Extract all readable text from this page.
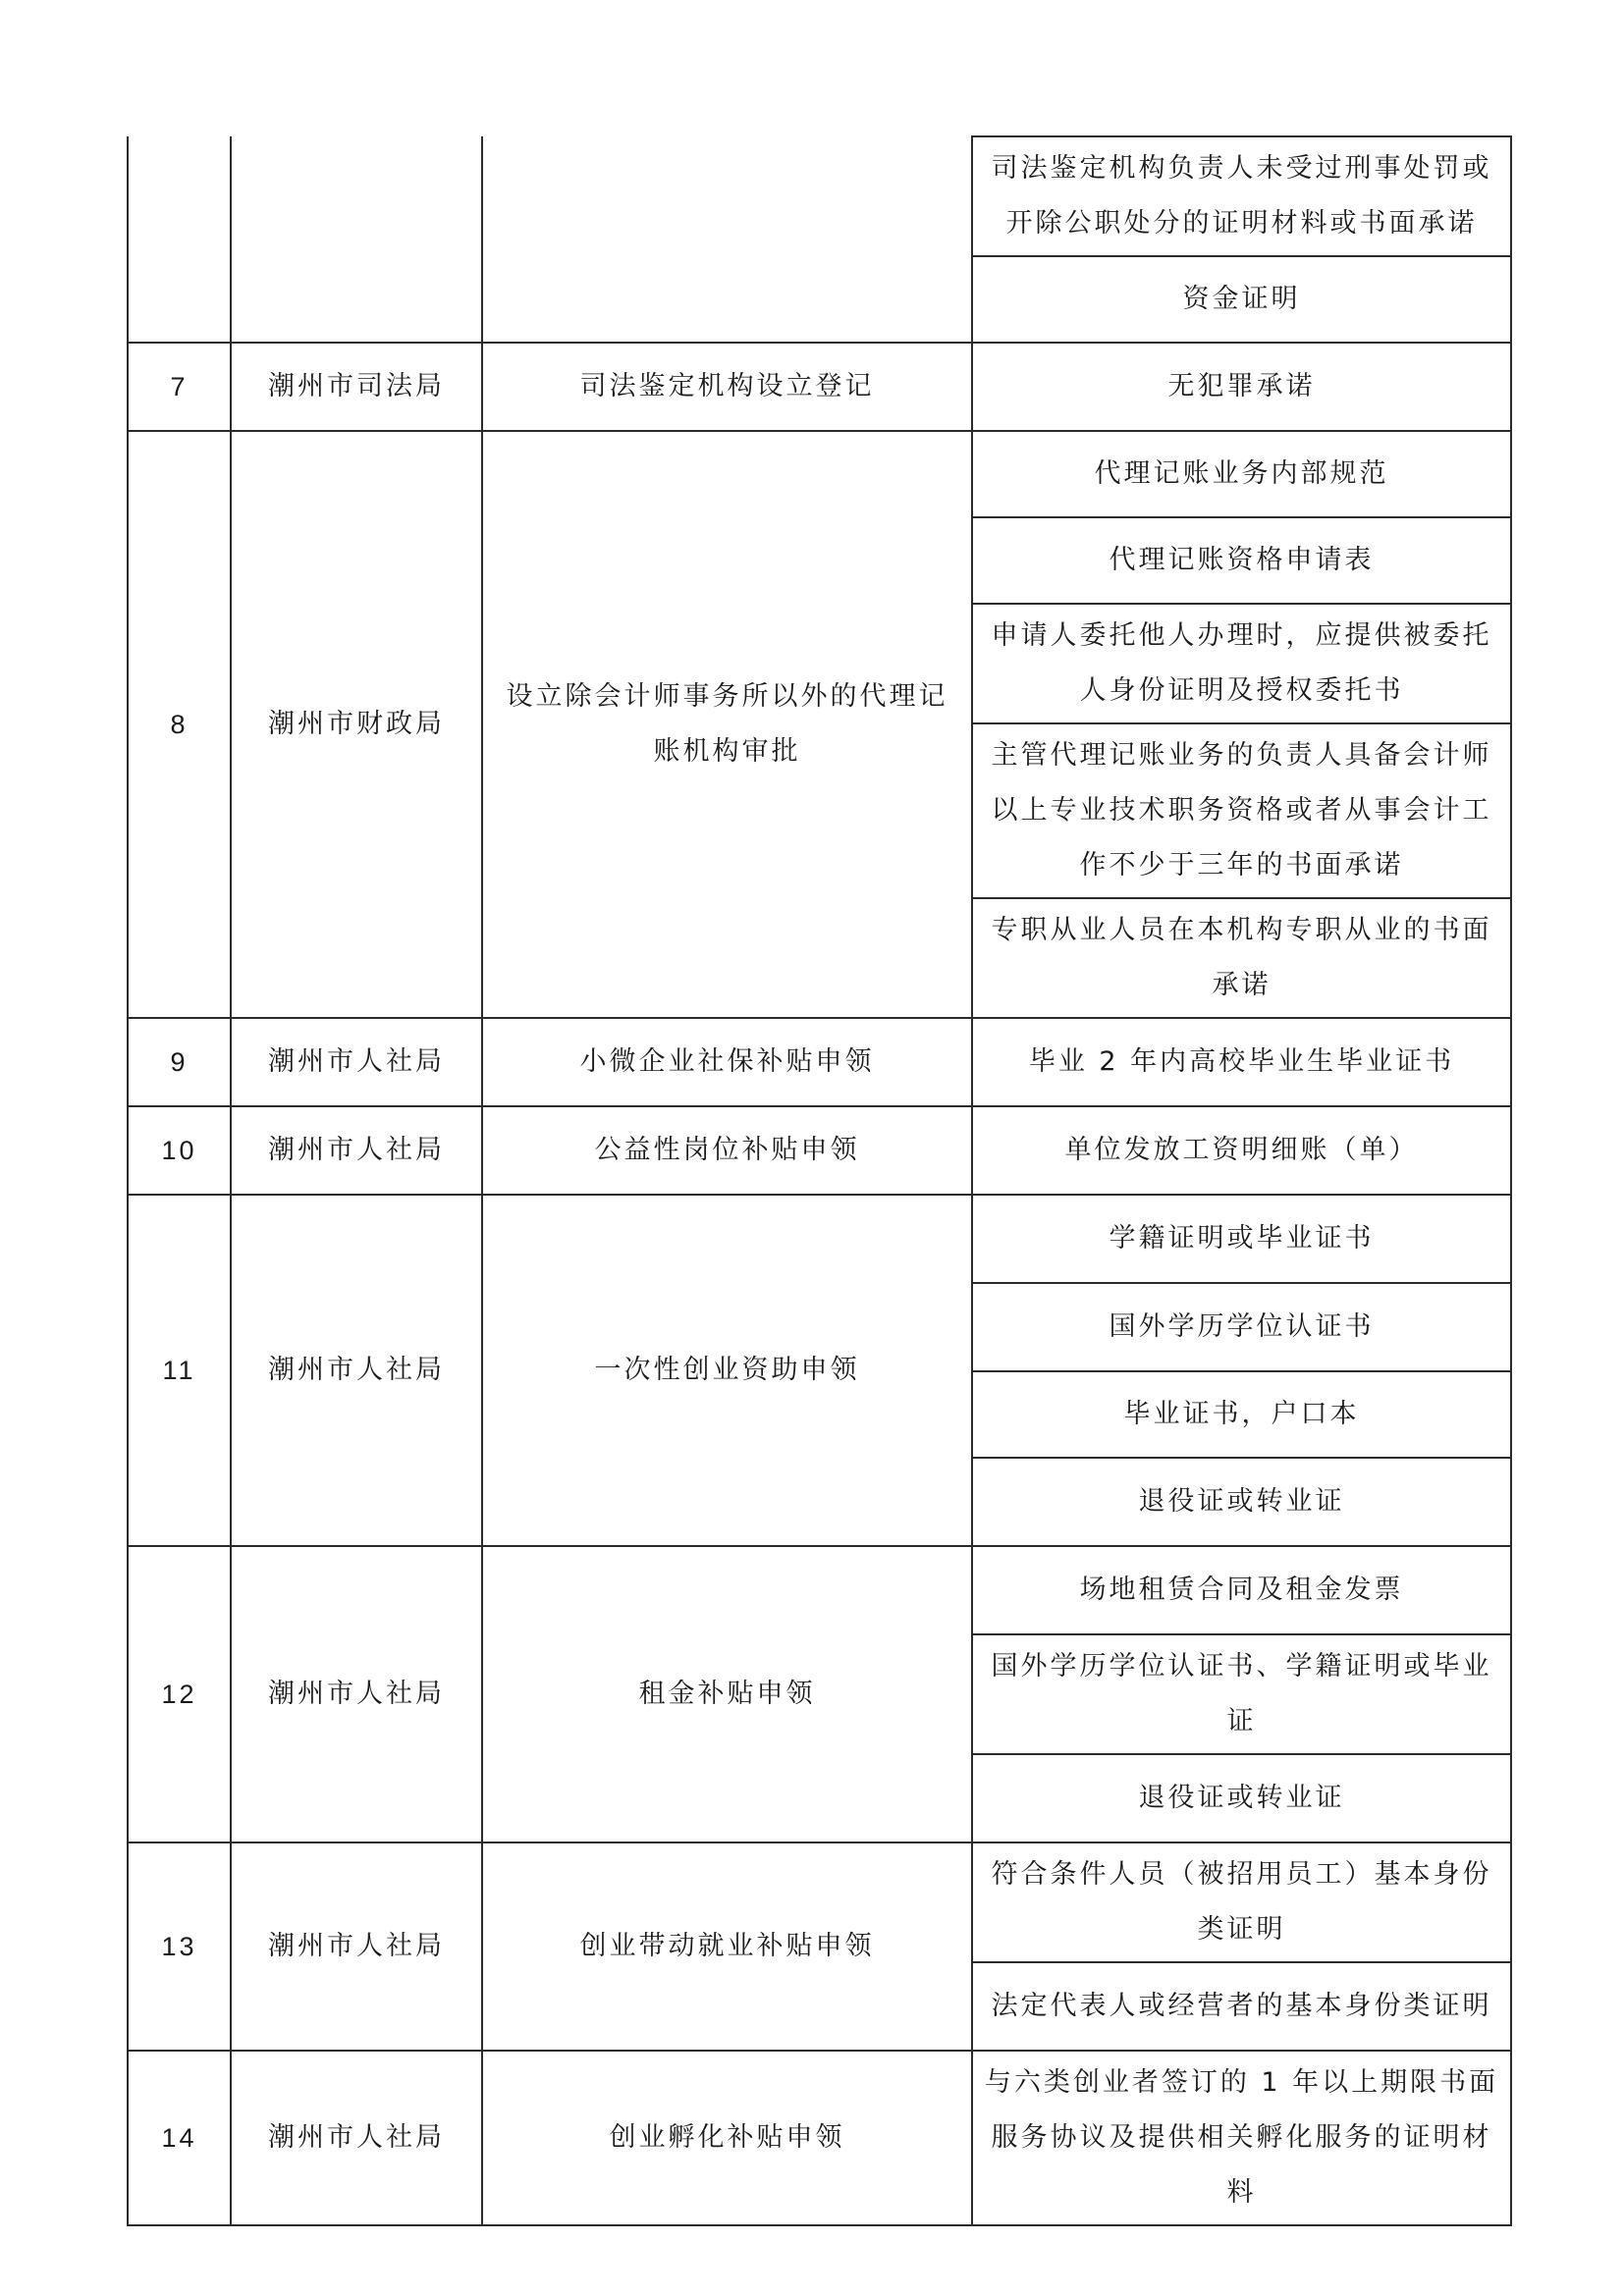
			司法鉴定机构负责人未受过刑事处罚或开除公职处分的证明材料或书面承诺
			资金证明
7	潮州市司法局	司法鉴定机构设立登记	无犯罪承诺
8	潮州市财政局	设立除会计师事务所以外的代理记账机构审批	代理记账业务内部规范
			代理记账资格申请表
			申请人委托他人办理时，应提供被委托人身份证明及授权委托书
			主管代理记账业务的负责人具备会计师以上专业技术职务资格或者从事会计工作不少于三年的书面承诺
			专职从业人员在本机构专职从业的书面承诺
9	潮州市人社局	小微企业社保补贴申领	毕业 2 年内高校毕业生毕业证书
10	潮州市人社局	公益性岗位补贴申领	单位发放工资明细账（单）
11	潮州市人社局	一次性创业资助申领	学籍证明或毕业证书
			国外学历学位认证书
			毕业证书，户口本
			退役证或转业证
12	潮州市人社局	租金补贴申领	场地租赁合同及租金发票
			国外学历学位认证书、学籍证明或毕业证
			退役证或转业证
13	潮州市人社局	创业带动就业补贴申领	符合条件人员（被招用员工）基本身份类证明
			法定代表人或经营者的基本身份类证明
14	潮州市人社局	创业孵化补贴申领	与六类创业者签订的 1 年以上期限书面服务协议及提供相关孵化服务的证明材料
